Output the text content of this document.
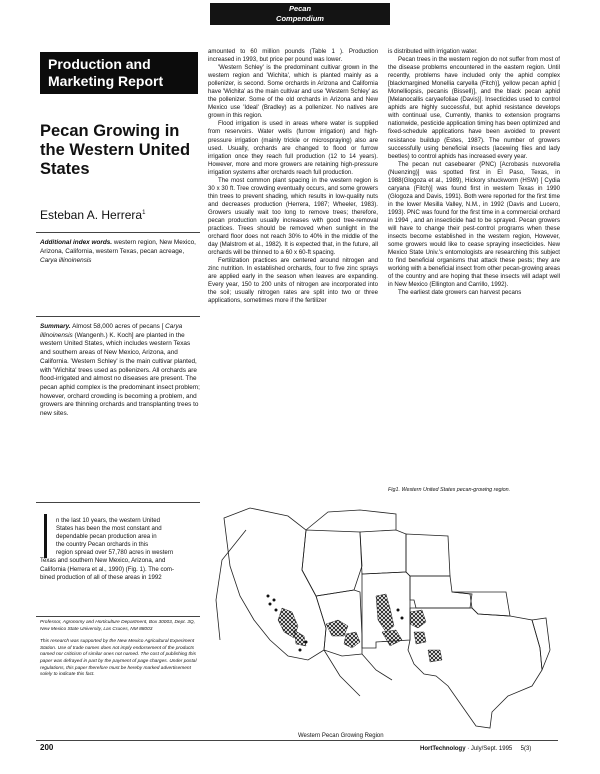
Pecan
Compendium
Production and
Marketing Report
Pecan Growing in the Western United States
Esteban A. Herrera$^1$
Additional index words. western region, New Mexico, Arizona, California, western Texas, pecan acreage, Carya illinoinensis
Summary. Almost 58,000 acres of pecans [ Carya illinoinensis (Wangenh.) K. Koch] are planted in the western United States, which includes western Texas and southern areas of New Mexico, Arizona, and California. 'Western Schley' is the main cultivar planted, with 'Wichita' trees used as pollenizers. All orchards are flood-irrigated and almost no diseases are present. The pecan aphid complex is the predominant insect problem; however, orchard crowding is becoming a problem, and growers are thinning orchards and transplanting trees to new sites.
n the last 10 years, the western United
States has been the most constant and
dependable pecan production area in
the country Pecan orchards in this
region spread over 57,780 acres in western
Texas and southern New Mexico, Arizona, and
California (Herrera et al., 1990) (Fig. 1). The com-
bined production of all of these areas in 1992
Professor, Agronomy and Horticulture Department, Box 30003, Dept. 3Q, New Mexico State University, Las Cruces, NM 88003
This research was supported by the New Mexico Agricultural Experiment Station. Use of trade names does not imply endorsement of the products named nor criticism of similar ones not named. The cost of publishing this paper was defrayed in part by the payment of page charges. Under postal regulations, this paper therefore must be hereby marked advertisement solely to indicate this fact.

amounted to 60 million pounds (Table 1 ). Production increased in 1993, but price per pound was lower.

'Western Schley' is the predominant cultivar grown in the western region and 'Wichita', which is planted mainly as a pollenizer, is second. Some orchards in Arizona and California have 'Wichita' as the main cultivar and use 'Western Schley' as the pollenizer. Some of the old orchards in Arizona and New Mexico use 'Ideal' (Bradley) as a pollenizer. No natives are grown in this region.

Flood irrigation is used in areas where water is supplied from reservoirs. Water wells (furrow irrigation) and high-pressure irrigation (mainly trickle or microspraying) also are used. Usually, orchards are changed to flood or furrow irrigation once they reach full production (12 to 14 years). However, more and more growers are retaining high-pressure irrigation systems after orchards reach full production.

The most common plant spacing in the western region is 30 x 30 ft. Tree crowding eventually occurs, and some growers thin trees to prevent shading, which results in low-quality nuts and decreases production (Herrera, 1987; Wheeler, 1983). Growers usually wait too long to remove trees; therefore, pecan production usually increases with good tree-removal practices. Trees should be removed when sunlight in the orchard floor does not reach 30% to 40% in the middle of the day (Malstrom et al., 1982). It is expected that, in the future, all orchards will be thinned to a 60 x 60-ft spacing.

Fertilization practices are centered around nitrogen and zinc nutrition. In established orchards, four to five zinc sprays are applied early in the season when leaves are expanding. Every year, 150 to 200 units of nitrogen are incorporated into the soil; usually nitrogen rates are split into two or three applications, sometimes more if the fertilizer

is distributed with irrigation water.

Pecan trees in the western region do not suffer from most of the disease problems encountered in the eastern region. Until recently, problems have included only the aphid complex [blackmargined Monellia caryella (Fitch)], yellow pecan aphid [ Monelliopsis, pecanis (Bissell)], and the black pecan aphid [Melanocallis caryaefoliae (Davis)]. Insecticides used to control aphids are highly successful, but aphid resistance develops with continual use, Currently, thanks to extension programs nationwide, pesticide application timing has been optimized and fixed-schedule applications have been avoided to prevent resistance buildup (Estes, 1987). The number of growers successfully using beneficial insects (lacewing flies and lady beetles) to control aphids has increased every year.

The pecan nut casebearer (PNC) [Acrobasis nuxvorella (Nuenzing)] was spotted first in El Paso, Texas, in 1988(Glogoza et al., 1989), Hickory shuckworm (HSW) [ Cydia caryana (Fitch)] was found first in western Texas in 1990 (Glogoza and Davis, 1991). Both were reported for the first time in the lower Mesilla Valley, N.M., in 1992 (Davis and Lucero, 1993). PNC was found for the first time in a commercial orchard in 1994 , and an insecticide had to be sprayed. Pecan growers will have to change their pest-control programs when these insects become established in the western region, However, some growers would like to cease spraying insecticides. New Mexico State Univ.'s entomologists are researching this subject to find beneficial organisms that attack these pests; they are working with a beneficial insect from other pecan-growing areas of the country and are hoping that these insects will adapt well in New Mexico (Ellington and Carrillo, 1992).

The earliest date growers can harvest pecans

Fig1. Western United States pecan-growing region.
Western Pecan Growing Region
200	HortTechnology · July/Sept. 1995 5(3)
